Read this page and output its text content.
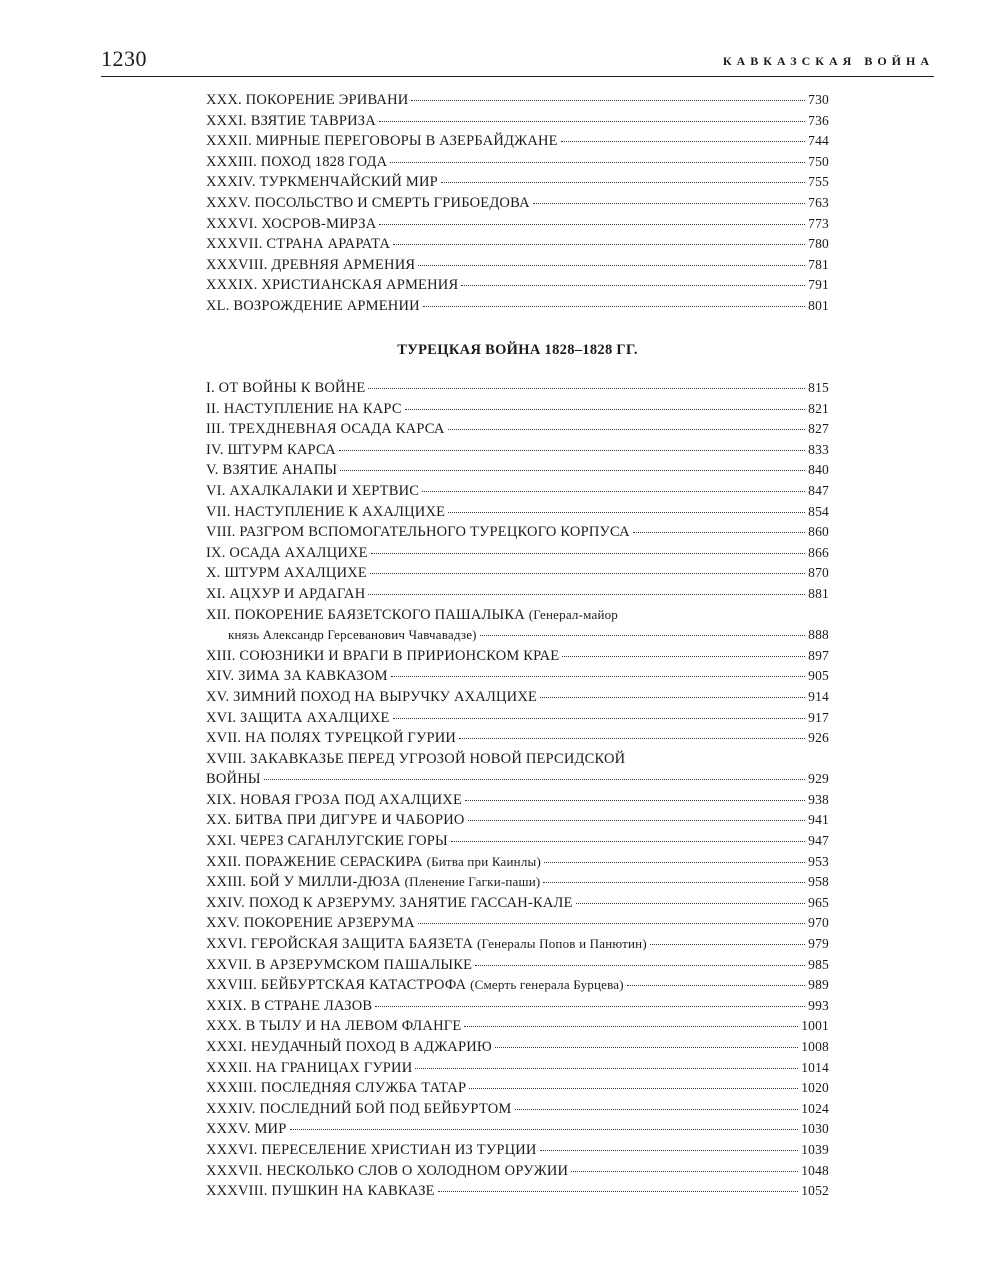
1230	КАВКАЗСКАЯ ВОЙНА
XXX. ПОКОРЕНИЕ ЭРИВАНИ	730
XXXI. ВЗЯТИЕ ТАВРИЗА	736
XXXII. МИРНЫЕ ПЕРЕГОВОРЫ В АЗЕРБАЙДЖАНЕ	744
XXXIII. ПОХОД 1828 ГОДА	750
XXXIV. ТУРКМЕНЧАЙСКИЙ МИР	755
XXXV. ПОСОЛЬСТВО И СМЕРТЬ ГРИБОЕДОВА	763
XXXVI. ХОСРОВ-МИРЗА	773
XXXVII. СТРАНА АРАРАТА	780
XXXVIII. ДРЕВНЯЯ АРМЕНИЯ	781
XXXIX. ХРИСТИАНСКАЯ АРМЕНИЯ	791
XL. ВОЗРОЖДЕНИЕ АРМЕНИИ	801
ТУРЕЦКАЯ ВОЙНА 1828–1828 ГГ.
I. ОТ ВОЙНЫ К ВОЙНЕ	815
II. НАСТУПЛЕНИЕ НА КАРС	821
III. ТРЕХДНЕВНАЯ ОСАДА КАРСА	827
IV. ШТУРМ КАРСА	833
V. ВЗЯТИЕ АНАПЫ	840
VI. АХАЛКАЛАКИ И ХЕРТВИС	847
VII. НАСТУПЛЕНИЕ К АХАЛЦИХЕ	854
VIII. РАЗГРОМ ВСПОМОГАТЕЛЬНОГО ТУРЕЦКОГО КОРПУСА	860
IX. ОСАДА АХАЛЦИХЕ	866
X. ШТУРМ АХАЛЦИХЕ	870
XI. АЦХУР И АРДАГАН	881
XII. ПОКОРЕНИЕ БАЯЗЕТСКОГО ПАШАЛЫКА (Генерал-майор
князь Александр Герсеванович Чавчавадзе)	888
XIII. СОЮЗНИКИ И ВРАГИ В ПРИРИОНСКОМ КРАЕ	897
XIV. ЗИМА ЗА КАВКАЗОМ	905
XV. ЗИМНИЙ ПОХОД НА ВЫРУЧКУ АХАЛЦИХЕ	914
XVI. ЗАЩИТА АХАЛЦИХЕ	917
XVII. НА ПОЛЯХ ТУРЕЦКОЙ ГУРИИ	926
XVIII. ЗАКАВКАЗЬЕ ПЕРЕД УГРОЗОЙ НОВОЙ ПЕРСИДСКОЙ
ВОЙНЫ	929
XIX. НОВАЯ ГРОЗА ПОД АХАЛЦИХЕ	938
XX. БИТВА ПРИ ДИГУРЕ И ЧАБОРИО	941
XXI. ЧЕРЕЗ САГАНЛУГСКИЕ ГОРЫ	947
XXII. ПОРАЖЕНИЕ СЕРАСКИРА (Битва при Каинлы)	953
XXIII. БОЙ У МИЛЛИ-ДЮЗА (Пленение Гагки-паши)	958
XXIV. ПОХОД К АРЗЕРУМУ. ЗАНЯТИЕ ГАССАН-КАЛЕ	965
XXV. ПОКОРЕНИЕ АРЗЕРУМА	970
XXVI. ГЕРОЙСКАЯ ЗАЩИТА БАЯЗЕТА (Генералы Попов и Панютин)	979
XXVII. В АРЗЕРУМСКОМ ПАШАЛЫКЕ	985
XXVIII. БЕЙБУРТСКАЯ КАТАСТРОФА (Смерть генерала Бурцева)	989
XXIX. В СТРАНЕ ЛАЗОВ	993
XXX. В ТЫЛУ И НА ЛЕВОМ ФЛАНГЕ	1001
XXXI. НЕУДАЧНЫЙ ПОХОД В АДЖАРИЮ	1008
XXXII. НА ГРАНИЦАХ ГУРИИ	1014
XXXIII. ПОСЛЕДНЯЯ СЛУЖБА ТАТАР	1020
XXXIV. ПОСЛЕДНИЙ БОЙ ПОД БЕЙБУРТОМ	1024
XXXV. МИР	1030
XXXVI. ПЕРЕСЕЛЕНИЕ ХРИСТИАН ИЗ ТУРЦИИ	1039
XXXVII. НЕСКОЛЬКО СЛОВ О ХОЛОДНОМ ОРУЖИИ	1048
XXXVIII. ПУШКИН НА КАВКАЗЕ	1052
